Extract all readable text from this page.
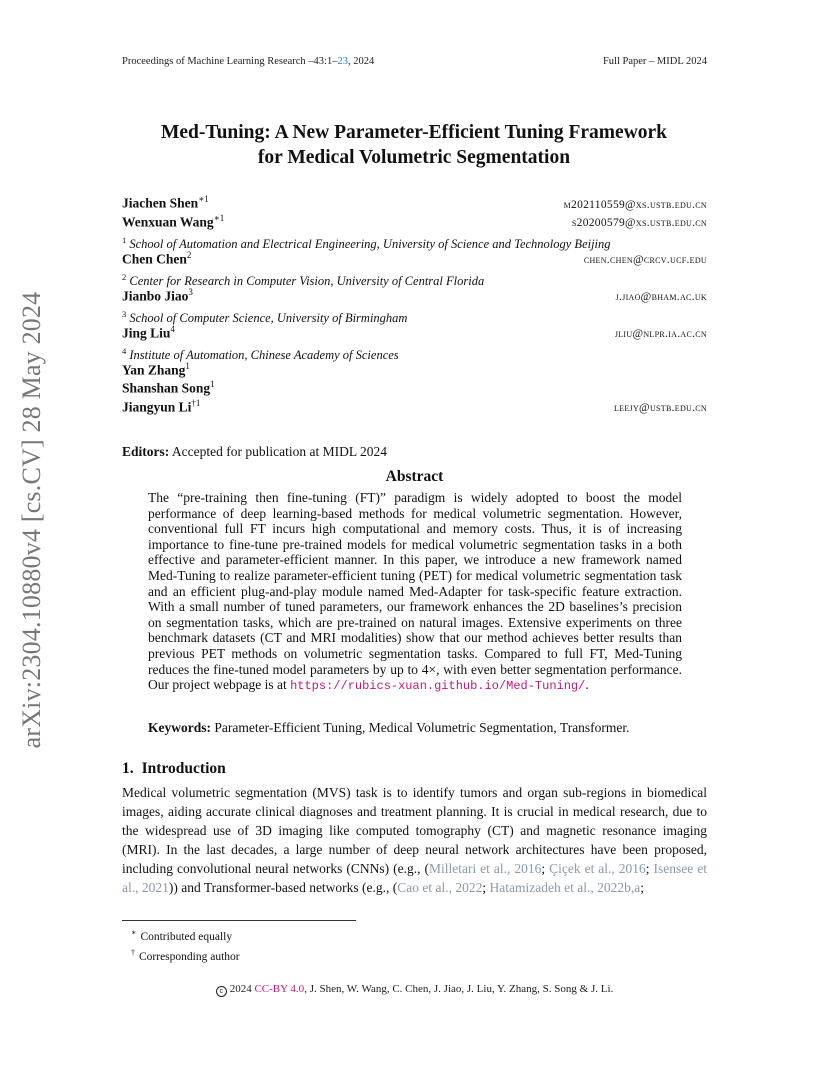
Proceedings of Machine Learning Research –43:1–23, 2024	Full Paper – MIDL 2024
arXiv:2304.10880v4 [cs.CV] 28 May 2024
Med-Tuning: A New Parameter-Efficient Tuning Framework
for Medical Volumetric Segmentation
Jiachen Shen$^{∗1}$	m202110559@xs.ustb.edu.cn
Wenxuan Wang$^{∗1}$	s20200579@xs.ustb.edu.cn
$^1$ School of Automation and Electrical Engineering, University of Science and Technology Beijing
Chen Chen$^2$	chen.chen@crcv.ucf.edu
$^2$ Center for Research in Computer Vision, University of Central Florida
Jianbo Jiao$^3$	j.jiao@bham.ac.uk
$^3$ School of Computer Science, University of Birmingham
Jing Liu$^4$	jliu@nlpr.ia.ac.cn
$^4$ Institute of Automation, Chinese Academy of Sciences
Yan Zhang$^1$
Shanshan Song$^1$
Jiangyun Li$^{\dagger 1}$	leejy@ustb.edu.cn
Editors: Accepted for publication at MIDL 2024
Abstract
The “pre-training then fine-tuning (FT)” paradigm is widely adopted to boost the model performance of deep learning-based methods for medical volumetric segmentation. However, conventional full FT incurs high computational and memory costs. Thus, it is of increasing importance to fine-tune pre-trained models for medical volumetric segmentation tasks in a both effective and parameter-efficient manner. In this paper, we introduce a new framework named Med-Tuning to realize parameter-efficient tuning (PET) for medical volumetric segmentation task and an efficient plug-and-play module named Med-Adapter for task-specific feature extraction. With a small number of tuned parameters, our framework enhances the 2D baselines’s precision on segmentation tasks, which are pre-trained on natural images. Extensive experiments on three benchmark datasets (CT and MRI modalities) show that our method achieves better results than previous PET methods on volumetric segmentation tasks. Compared to full FT, Med-Tuning reduces the fine-tuned model parameters by up to 4×, with even better segmentation performance. Our project webpage is at https://rubics-xuan.github.io/Med-Tuning/.
Keywords: Parameter-Efficient Tuning, Medical Volumetric Segmentation, Transformer.
1. Introduction
Medical volumetric segmentation (MVS) task is to identify tumors and organ sub-regions in biomedical images, aiding accurate clinical diagnoses and treatment planning. It is crucial in medical research, due to the widespread use of 3D imaging like computed tomography (CT) and magnetic resonance imaging (MRI). In the last decades, a large number of deep neural network architectures have been proposed, including convolutional neural networks (CNNs) (e.g., (Milletari et al., 2016; Çiçek et al., 2016; Isensee et al., 2021)) and Transformer-based networks (e.g., (Cao et al., 2022; Hatamizadeh et al., 2022b,a;
∗ Contributed equally
† Corresponding author
c 2024 CC-BY 4.0, J. Shen, W. Wang, C. Chen, J. Jiao, J. Liu, Y. Zhang, S. Song & J. Li.
